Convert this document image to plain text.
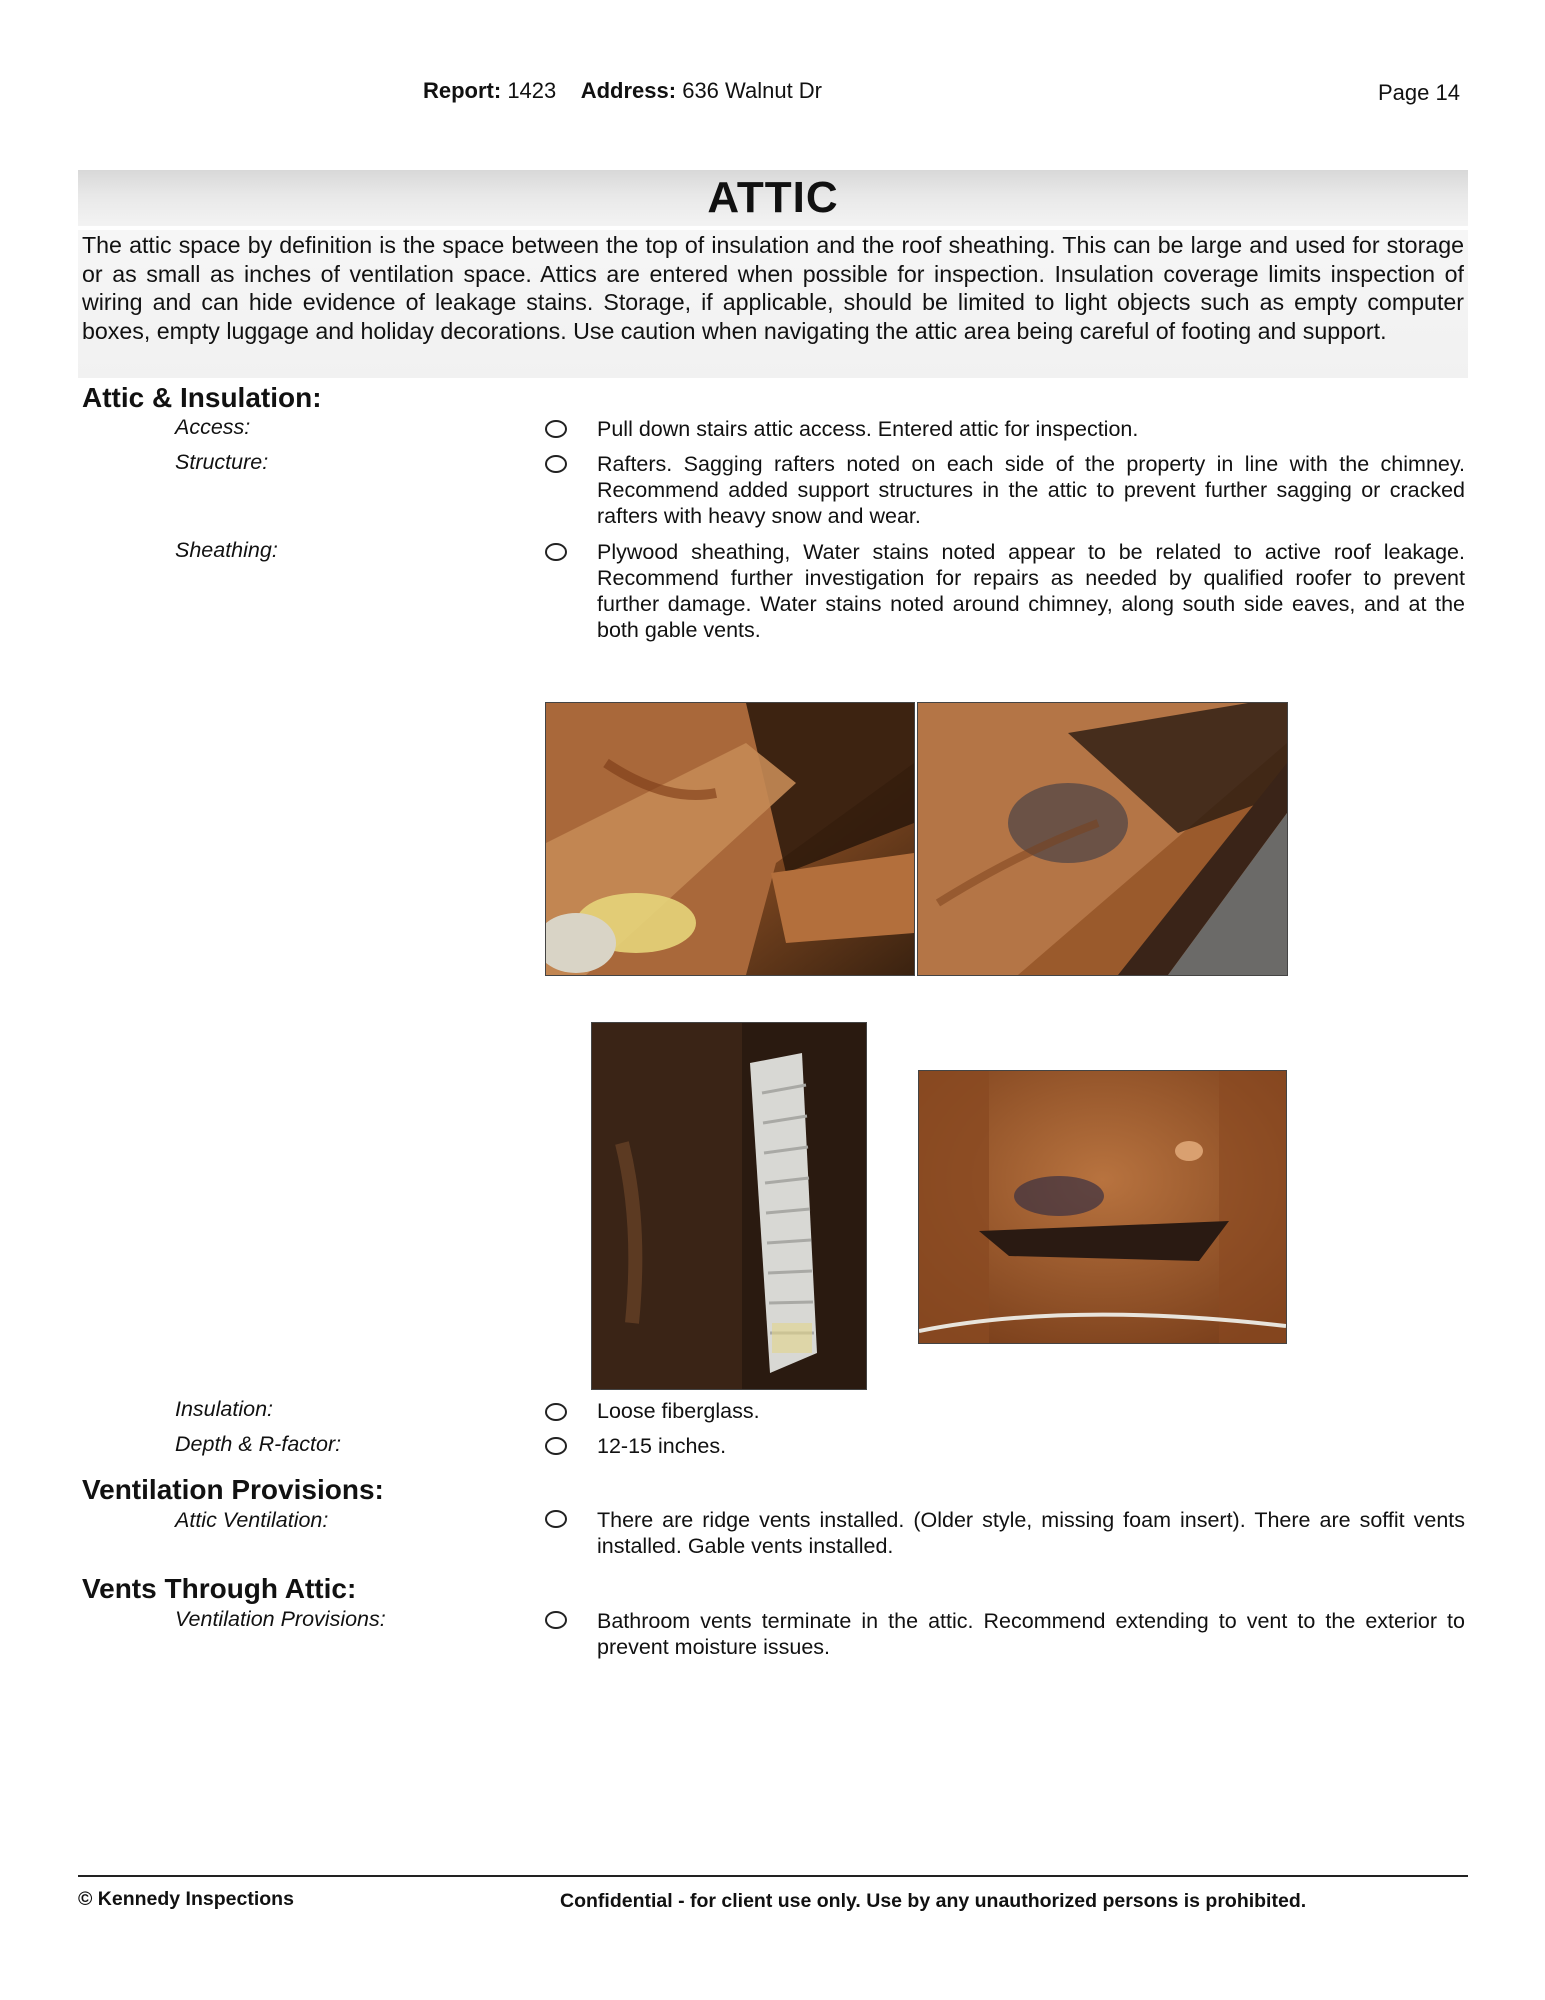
Report: 1423 Address: 636 Walnut Dr	Page 14
ATTIC
The attic space by definition is the space between the top of insulation and the roof sheathing. This can be large and used for storage or as small as inches of ventilation space. Attics are entered when possible for inspection. Insulation coverage limits inspection of wiring and can hide evidence of leakage stains. Storage, if applicable, should be limited to light objects such as empty computer boxes, empty luggage and holiday decorations. Use caution when navigating the attic area being careful of footing and support.
Attic & Insulation:
Access:	Pull down stairs attic access. Entered attic for inspection.
Structure:	Rafters. Sagging rafters noted on each side of the property in line with the chimney. Recommend added support structures in the attic to prevent further sagging or cracked rafters with heavy snow and wear.
Sheathing:	Plywood sheathing, Water stains noted appear to be related to active roof leakage. Recommend further investigation for repairs as needed by qualified roofer to prevent further damage. Water stains noted around chimney, along south side eaves, and at the both gable vents.
Insulation:	Loose fiberglass.
Depth & R-factor:	12-15 inches.
Ventilation Provisions:
Attic Ventilation:	There are ridge vents installed. (Older style, missing foam insert). There are soffit vents installed. Gable vents installed.
Vents Through Attic:
Ventilation Provisions:	Bathroom vents terminate in the attic. Recommend extending to vent to the exterior to prevent moisture issues.
© Kennedy Inspections	Confidential - for client use only. Use by any unauthorized persons is prohibited.
